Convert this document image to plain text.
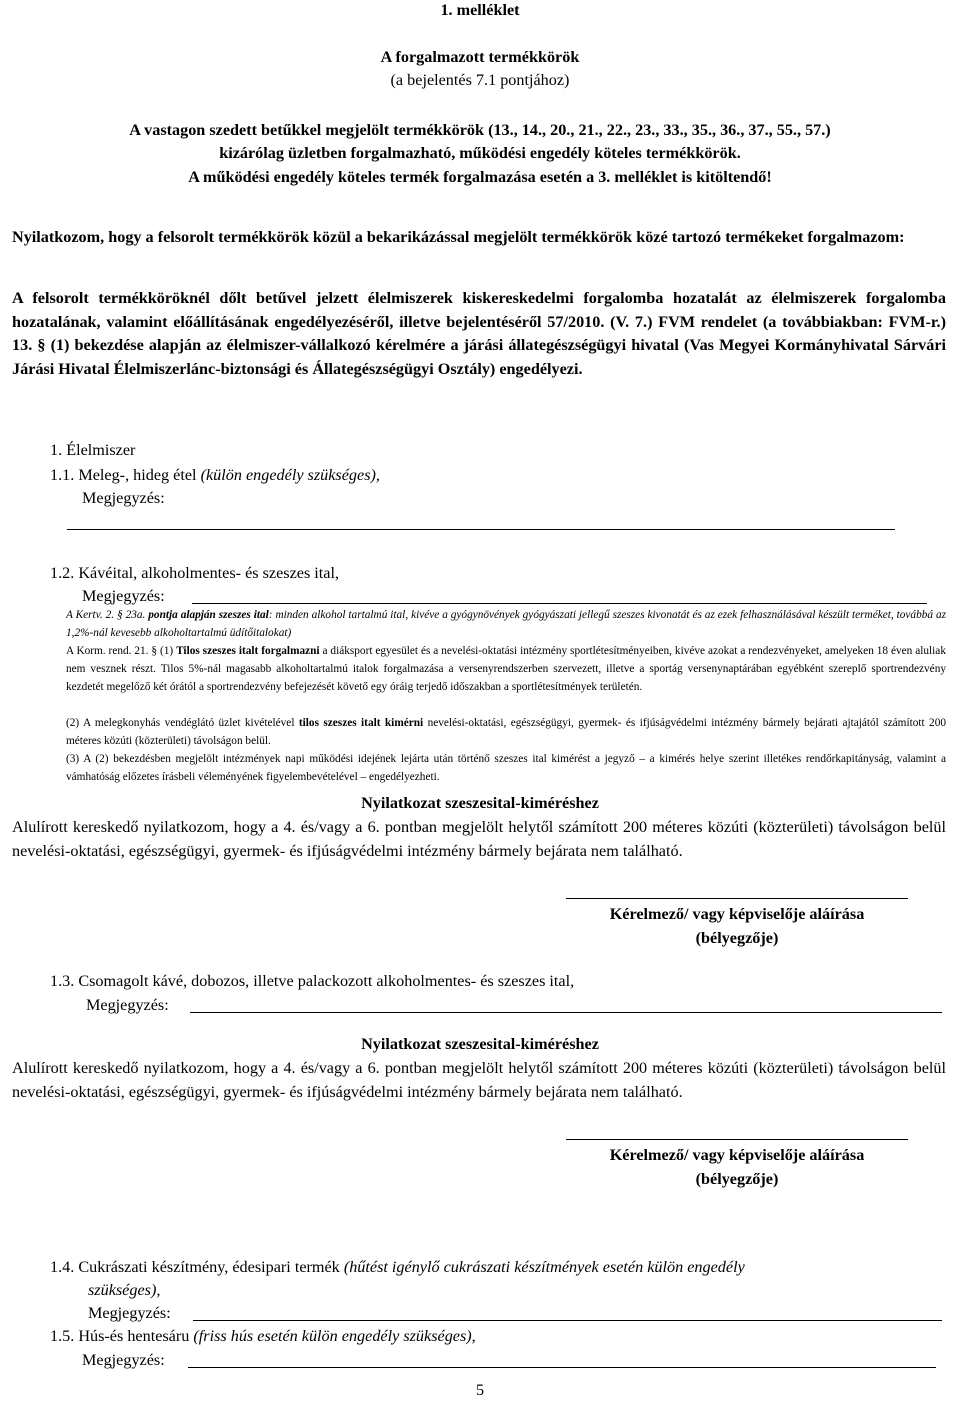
1. melléklet
A forgalmazott termékkörök
(a bejelentés 7.1 pontjához)
A vastagon szedett betűkkel megjelölt termékkörök (13., 14., 20., 21., 22., 23., 33., 35., 36., 37., 55., 57.)
kizárólag üzletben forgalmazható, működési engedély köteles termékkörök.
A működési engedély köteles termék forgalmazása esetén a 3. melléklet is kitöltendő!
Nyilatkozom, hogy a felsorolt termékkörök közül a bekarikázással megjelölt termékkörök közé tartozó termékeket forgalmazom:
A felsorolt termékköröknél dőlt betűvel jelzett élelmiszerek kiskereskedelmi forgalomba hozatalát az élelmiszerek forgalomba hozatalának, valamint előállításának engedélyezéséről, illetve bejelentéséről 57/2010. (V. 7.) FVM rendelet (a továbbiakban: FVM-r.) 13. § (1) bekezdése alapján az élelmiszer-vállalkozó kérelmére a járási állategészségügyi hivatal (Vas Megyei Kormányhivatal Sárvári Járási Hivatal Élelmiszerlánc-biztonsági és Állategészségügyi Osztály) engedélyezi.
1. Élelmiszer
1.1. Meleg-, hideg étel (külön engedély szükséges),
Megjegyzés:
1.2. Kávéital, alkoholmentes- és szeszes ital,
Megjegyzés:
A Kertv. 2. § 23a. pontja alapján szeszes ital: minden alkohol tartalmú ital, kivéve a gyógynövények gyógyászati jellegű szeszes kivonatát és az ezek felhasználásával készült terméket, továbbá az 1,2%-nál kevesebb alkoholtartalmú üdítőitalokat)
A Korm. rend. 21. § (1) Tilos szeszes italt forgalmazni a diáksport egyesület és a nevelési-oktatási intézmény sportlétesítményeiben, kivéve azokat a rendezvényeket, amelyeken 18 éven aluliak nem vesznek részt. Tilos 5%-nál magasabb alkoholtartalmú italok forgalmazása a versenyrendszerben szervezett, illetve a sportág versenynaptárában egyébként szereplő sportrendezvény kezdetét megelőző két órától a sportrendezvény befejezését követő egy óráig terjedő időszakban a sportlétesítmények területén.
(2) A melegkonyhás vendéglátó üzlet kivételével tilos szeszes italt kimérni nevelési-oktatási, egészségügyi, gyermek- és ifjúságvédelmi intézmény bármely bejárati ajtajától számított 200 méteres közúti (közterületi) távolságon belül.
(3) A (2) bekezdésben megjelölt intézmények napi működési idejének lejárta után történő szeszes ital kimérést a jegyző – a kimérés helye szerint illetékes rendőrkapitányság, valamint a vámhatóság előzetes írásbeli véleményének figyelembevételével – engedélyezheti.
Nyilatkozat szeszesital-kiméréshez
Alulírott kereskedő nyilatkozom, hogy a 4. és/vagy a 6. pontban megjelölt helytől számított 200 méteres közúti (közterületi) távolságon belül nevelési-oktatási, egészségügyi, gyermek- és ifjúságvédelmi intézmény bármely bejárata nem található.
Kérelmező/ vagy képviselője aláírása
(bélyegzője)
1.3. Csomagolt kávé, dobozos, illetve palackozott alkoholmentes- és szeszes ital,
Megjegyzés:
Nyilatkozat szeszesital-kiméréshez
Alulírott kereskedő nyilatkozom, hogy a 4. és/vagy a 6. pontban megjelölt helytől számított 200 méteres közúti (közterületi) távolságon belül nevelési-oktatási, egészségügyi, gyermek- és ifjúságvédelmi intézmény bármely bejárata nem található.
Kérelmező/ vagy képviselője aláírása
(bélyegzője)
1.4. Cukrászati készítmény, édesipari termék (hűtést igénylő cukrászati készítmények esetén külön engedély
szükséges),
Megjegyzés:
1.5. Hús-és hentesáru (friss hús esetén külön engedély szükséges),
Megjegyzés:
5
